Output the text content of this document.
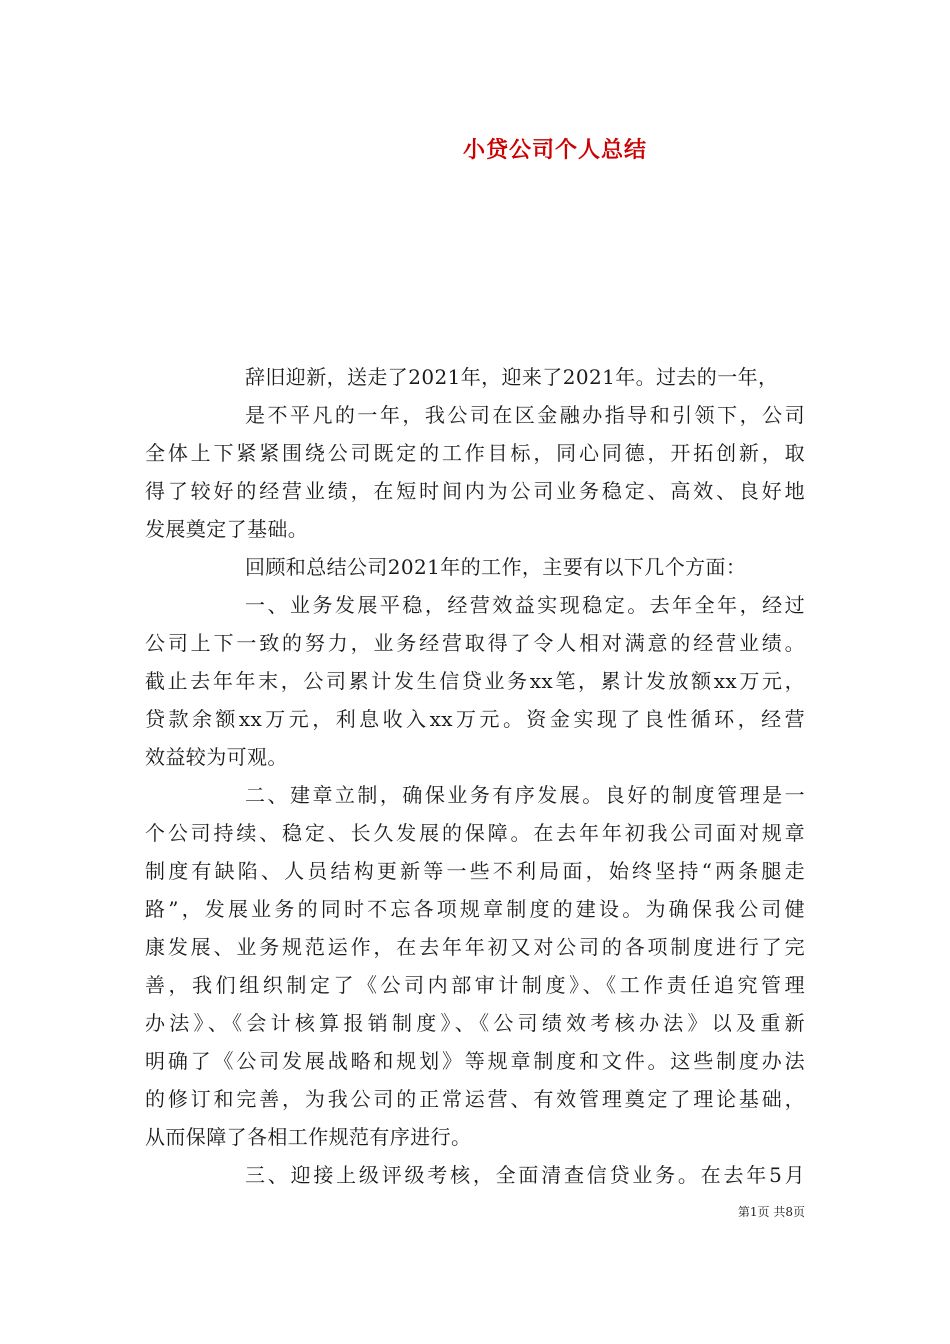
小贷公司个人总结
辞旧迎新，送走了2021年，迎来了2021年。过去的一年，
是不平凡的一年，我公司在区金融办指导和引领下，公司
全体上下紧紧围绕公司既定的工作目标，同心同德，开拓创新，取
得了较好的经营业绩，在短时间内为公司业务稳定、高效、良好地
发展奠定了基础。
回顾和总结公司2021年的工作，主要有以下几个方面：
一、业务发展平稳，经营效益实现稳定。去年全年，经过
公司上下一致的努力，业务经营取得了令人相对满意的经营业绩。
截止去年年末，公司累计发生信贷业务xx笔，累计发放额xx万元，
贷款余额xx万元，利息收入xx万元。资金实现了良性循环，经营
效益较为可观。
二、建章立制，确保业务有序发展。良好的制度管理是一
个公司持续、稳定、长久发展的保障。在去年年初我公司面对规章
制度有缺陷、人员结构更新等一些不利局面，始终坚持“两条腿走
路”，发展业务的同时不忘各项规章制度的建设。为确保我公司健
康发展、业务规范运作，在去年年初又对公司的各项制度进行了完
善，我们组织制定了《公司内部审计制度》、《工作责任追究管理
办法》、《会计核算报销制度》、《公司绩效考核办法》以及重新
明确了《公司发展战略和规划》等规章制度和文件。这些制度办法
的修订和完善，为我公司的正常运营、有效管理奠定了理论基础，
从而保障了各相工作规范有序进行。
三、迎接上级评级考核，全面清查信贷业务。在去年5月
第1页 共8页
